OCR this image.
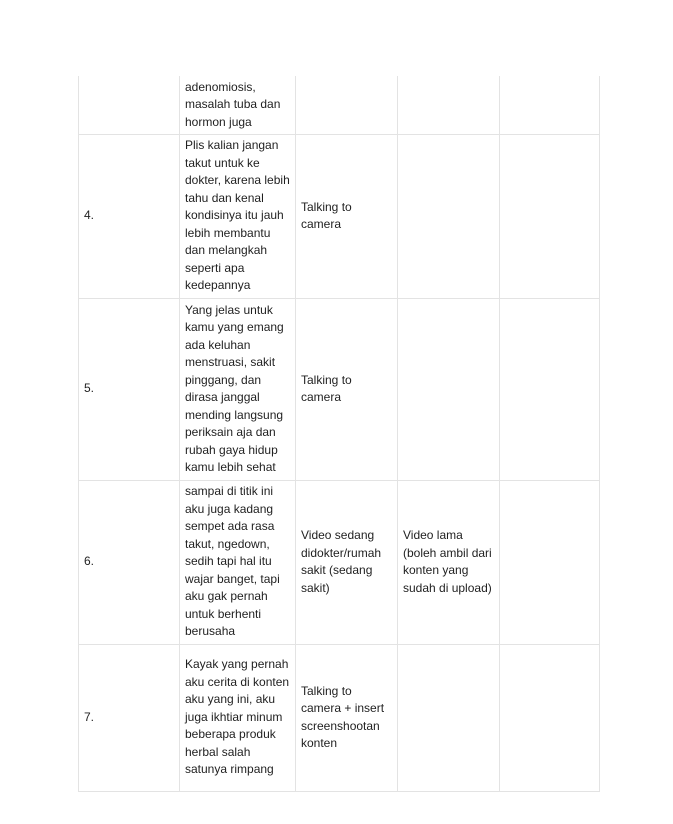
	adenomiosis, masalah tuba dan hormon juga			
4.	Plis kalian jangan takut untuk ke dokter, karena lebih tahu dan kenal kondisinya itu jauh lebih membantu dan melangkah seperti apa kedepannya	Talking to camera		
5.	Yang jelas untuk kamu yang emang ada keluhan menstruasi, sakit pinggang, dan dirasa janggal mending langsung periksain aja dan rubah gaya hidup kamu lebih sehat	Talking to camera		
6.	sampai di titik ini aku juga kadang sempet ada rasa takut, ngedown, sedih tapi hal itu wajar banget, tapi aku gak pernah untuk berhenti berusaha	Video sedang didokter/rumah sakit (sedang sakit)	Video lama (boleh ambil dari konten yang sudah di upload)	
7.	Kayak yang pernah aku cerita di konten aku yang ini, aku juga ikhtiar minum beberapa produk herbal salah satunya rimpang	Talking to camera + insert screenshootan konten		
